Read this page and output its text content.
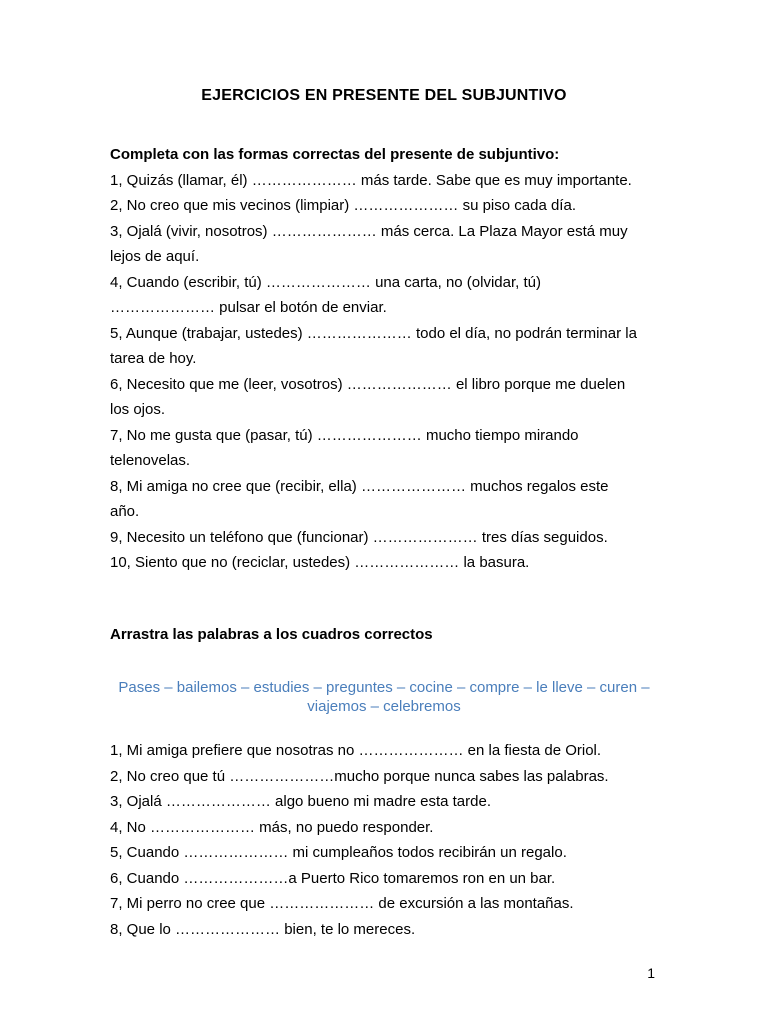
EJERCICIOS EN PRESENTE DEL SUBJUNTIVO

Completa con las formas correctas del presente de subjuntivo:

1, Quizás (llamar, él) ………………… más tarde. Sabe que es muy importante.
2, No creo que mis vecinos (limpiar) ………………… su piso cada día.
3, Ojalá (vivir, nosotros) ………………… más cerca. La Plaza Mayor está muy
lejos de aquí.
4, Cuando (escribir, tú) ………………… una carta, no (olvidar, tú)
………………… pulsar el botón de enviar.
5, Aunque (trabajar, ustedes) ………………… todo el día, no podrán terminar la
tarea de hoy.
6, Necesito que me (leer, vosotros) ………………… el libro porque me duelen
los ojos.
7, No me gusta que (pasar, tú) ………………… mucho tiempo mirando
telenovelas.
8, Mi amiga no cree que (recibir, ella) ………………… muchos regalos este
año.
9, Necesito un teléfono que (funcionar) ………………… tres días seguidos.
10, Siento que no (reciclar, ustedes) ………………… la basura.

Arrastra las palabras a los cuadros correctos

Pases – bailemos – estudies – preguntes – cocine – compre – le lleve – curen –
viajemos – celebremos
1, Mi amiga prefiere que nosotras no ………………… en la fiesta de Oriol.
2, No creo que tú …………………mucho porque nunca sabes las palabras.
3, Ojalá ………………… algo bueno mi madre esta tarde.
4, No ………………… más, no puedo responder.
5, Cuando ………………… mi cumpleaños todos recibirán un regalo.
6, Cuando …………………a Puerto Rico tomaremos ron en un bar.
7, Mi perro no cree que ………………… de excursión a las montañas.
8, Que lo ………………… bien, te lo mereces.

1
